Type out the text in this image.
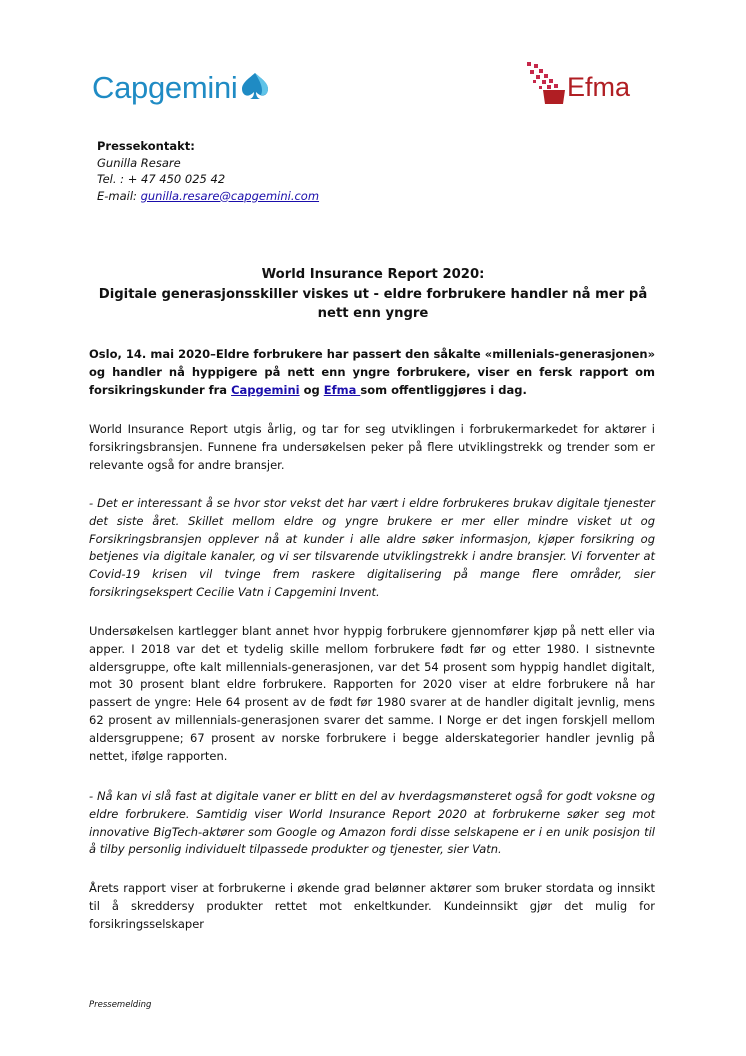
Capgemini	Efma
Pressekontakt:
Gunilla Resare
Tel. : + 47 450 025 42
E-mail: gunilla.resare@capgemini.com
World Insurance Report 2020:
Digitale generasjonsskiller viskes ut - eldre forbrukere handler nå mer på nett enn yngre
Oslo, 14. mai 2020–Eldre forbrukere har passert den såkalte «millenials-generasjonen» og handler nå hyppigere på nett enn yngre forbrukere, viser en fersk rapport om forsikringskunder fra Capgemini og Efma som offentliggjøres i dag.
World Insurance Report utgis årlig, og tar for seg utviklingen i forbrukermarkedet for aktører i forsikringsbransjen. Funnene fra undersøkelsen peker på flere utviklingstrekk og trender som er relevante også for andre bransjer.
- Det er interessant å se hvor stor vekst det har vært i eldre forbrukeres brukav digitale tjenester det siste året. Skillet mellom eldre og yngre brukere er mer eller mindre visket ut og Forsikringsbransjen opplever nå at kunder i alle aldre søker informasjon, kjøper forsikring og betjenes via digitale kanaler, og vi ser tilsvarende utviklingstrekk i andre bransjer. Vi forventer at Covid-19 krisen vil tvinge frem raskere digitalisering på mange flere områder, sier forsikringsekspert Cecilie Vatn i Capgemini Invent.
Undersøkelsen kartlegger blant annet hvor hyppig forbrukere gjennomfører kjøp på nett eller via apper. I 2018 var det et tydelig skille mellom forbrukere født før og etter 1980. I sistnevnte aldersgruppe, ofte kalt millennials-generasjonen, var det 54 prosent som hyppig handlet digitalt, mot 30 prosent blant eldre forbrukere. Rapporten for 2020 viser at eldre forbrukere nå har passert de yngre: Hele 64 prosent av de født før 1980 svarer at de handler digitalt jevnlig, mens 62 prosent av millennials-generasjonen svarer det samme. I Norge er det ingen forskjell mellom aldersgruppene; 67 prosent av norske forbrukere i begge alderskategorier handler jevnlig på nettet, ifølge rapporten.
- Nå kan vi slå fast at digitale vaner er blitt en del av hverdagsmønsteret også for godt voksne og eldre forbrukere. Samtidig viser World Insurance Report 2020 at forbrukerne søker seg mot innovative BigTech-aktører som Google og Amazon fordi disse selskapene er i en unik posisjon til å tilby personlig individuelt tilpassede produkter og tjenester, sier Vatn.
Årets rapport viser at forbrukerne i økende grad belønner aktører som bruker stordata og innsikt til å skreddersy produkter rettet mot enkeltkunder. Kundeinnsikt gjør det mulig for forsikringsselskaper
Pressemelding
